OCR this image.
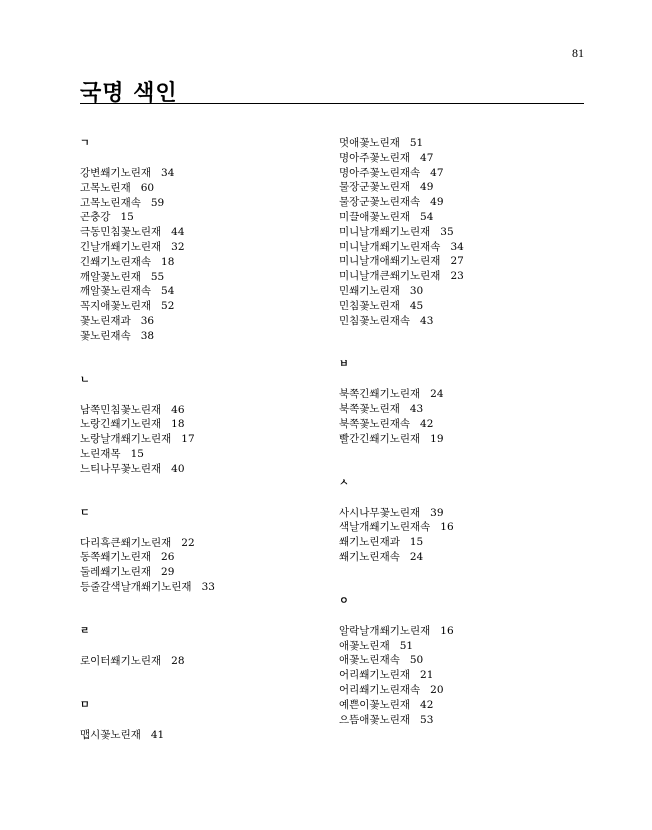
81
국명 색인
ㄱ
강변쐐기노린재 34
고목노린재 60
고목노린재속 59
곤충강 15
극동민침꽃노린재 44
긴날개쐐기노린재 32
긴쐐기노린재속 18
깨알꽃노린재 55
깨알꽃노린재속 54
꼭지애꽃노린재 52
꽃노린재과 36
꽃노린재속 38
ㄴ
남쪽민침꽃노린재 46
노랑긴쐐기노린재 18
노랑날개쐐기노린재 17
노린재목 15
느티나무꽃노린재 40
ㄷ
다리흑큰쐐기노린재 22
동쪽쐐기노린재 26
둘레쐐기노린재 29
등줄갈색날개쐐기노린재 33
ㄹ
로이터쐐기노린재 28
ㅁ
맵시꽃노린재 41
멋애꽃노린재 51
명아주꽃노린재 47
명아주꽃노린재속 47
물장군꽃노린재 49
물장군꽃노린재속 49
미끌애꽃노린재 54
미니날개쐐기노린재 35
미니날개쐐기노린재속 34
미니날개애쐐기노린재 27
미니날개큰쐐기노린재 23
민쐐기노린재 30
민침꽃노린재 45
민침꽃노린재속 43
ㅂ
북쪽긴쐐기노린재 24
북쪽꽃노린재 43
북쪽꽃노린재속 42
빨간긴쐐기노린재 19
ㅅ
사시나무꽃노린재 39
색날개쐐기노린재속 16
쐐기노린재과 15
쐐기노린재속 24
ㅇ
알락날개쐐기노린재 16
애꽃노린재 51
애꽃노린재속 50
어리쐐기노린재 21
어리쐐기노린재속 20
예쁜이꽃노린재 42
으뜸애꽃노린재 53
